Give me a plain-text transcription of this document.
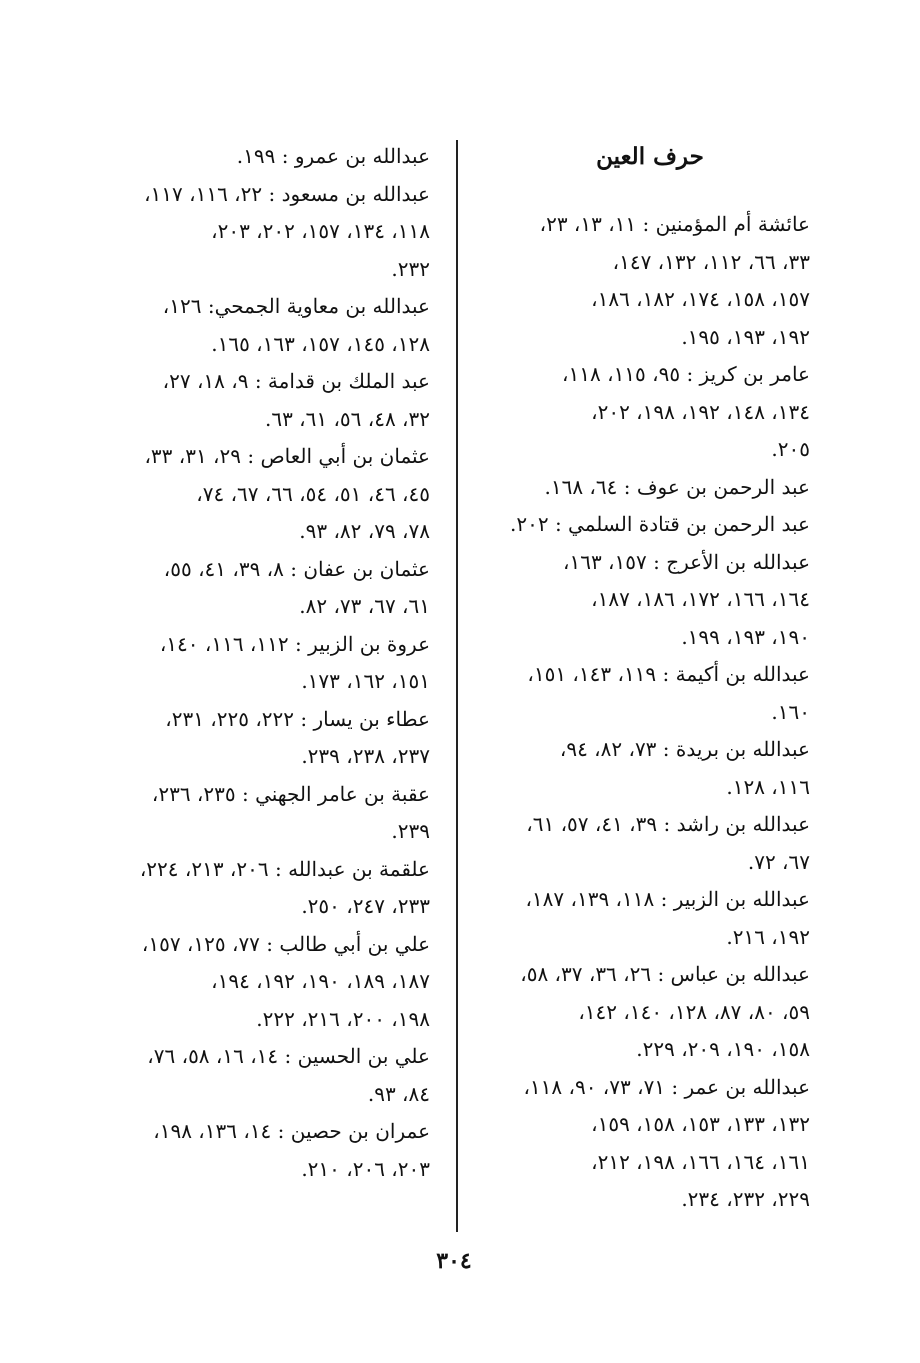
حرف العين
عائشة أم المؤمنين : ١١، ١٣، ٢٣،
٣٣، ٦٦، ١١٢، ١٣٢، ١٤٧،
١٥٧، ١٥٨، ١٧٤، ١٨٢، ١٨٦،
١٩٢، ١٩٣، ١٩٥.
عامر بن كريز : ٩٥، ١١٥، ١١٨،
١٣٤، ١٤٨، ١٩٢، ١٩٨، ٢٠٢،
٢٠٥.
عبد الرحمن بن عوف : ٦٤، ١٦٨.
عبد الرحمن بن قتادة السلمي : ٢٠٢.
عبدالله بن الأعرج : ١٥٧، ١٦٣،
١٦٤، ١٦٦، ١٧٢، ١٨٦، ١٨٧،
١٩٠، ١٩٣، ١٩٩.
عبدالله بن أكيمة : ١١٩، ١٤٣، ١٥١،
١٦٠.
عبدالله بن بريدة : ٧٣، ٨٢، ٩٤،
١١٦، ١٢٨.
عبدالله بن راشد : ٣٩، ٤١، ٥٧، ٦١،
٦٧، ٧٢.
عبدالله بن الزبير : ١١٨، ١٣٩، ١٨٧،
١٩٢، ٢١٦.
عبدالله بن عباس : ٢٦، ٣٦، ٣٧، ٥٨،
٥٩، ٨٠، ٨٧، ١٢٨، ١٤٠، ١٤٢،
١٥٨، ١٩٠، ٢٠٩، ٢٢٩.
عبدالله بن عمر : ٧١، ٧٣، ٩٠، ١١٨،
١٣٢، ١٣٣، ١٥٣، ١٥٨، ١٥٩،
١٦١، ١٦٤، ١٦٦، ١٩٨، ٢١٢،
٢٢٩، ٢٣٢، ٢٣٤.
عبدالله بن عمرو : ١٩٩.
عبدالله بن مسعود : ٢٢، ١١٦، ١١٧،
١١٨، ١٣٤، ١٥٧، ٢٠٢، ٢٠٣،
٢٣٢.
عبدالله بن معاوية الجمحي: ١٢٦،
١٢٨، ١٤٥، ١٥٧، ١٦٣، ١٦٥.
عبد الملك بن قدامة : ٩، ١٨، ٢٧،
٣٢، ٤٨، ٥٦، ٦١، ٦٣.
عثمان بن أبي العاص : ٢٩، ٣١، ٣٣،
٤٥، ٤٦، ٥١، ٥٤، ٦٦، ٦٧، ٧٤،
٧٨، ٧٩، ٨٢، ٩٣.
عثمان بن عفان : ٨، ٣٩، ٤١، ٥٥،
٦١، ٦٧، ٧٣، ٨٢.
عروة بن الزبير : ١١٢، ١١٦، ١٤٠،
١٥١، ١٦٢، ١٧٣.
عطاء بن يسار : ٢٢٢، ٢٢٥، ٢٣١،
٢٣٧، ٢٣٨، ٢٣٩.
عقبة بن عامر الجهني : ٢٣٥، ٢٣٦،
٢٣٩.
علقمة بن عبدالله : ٢٠٦، ٢١٣، ٢٢٤،
٢٣٣، ٢٤٧، ٢٥٠.
علي بن أبي طالب : ٧٧، ١٢٥، ١٥٧،
١٨٧، ١٨٩، ١٩٠، ١٩٢، ١٩٤،
١٩٨، ٢٠٠، ٢١٦، ٢٢٢.
علي بن الحسين : ١٤، ١٦، ٥٨، ٧٦،
٨٤، ٩٣.
عمران بن حصين : ١٤، ١٣٦، ١٩٨،
٢٠٣، ٢٠٦، ٢١٠.
٣٠٤
